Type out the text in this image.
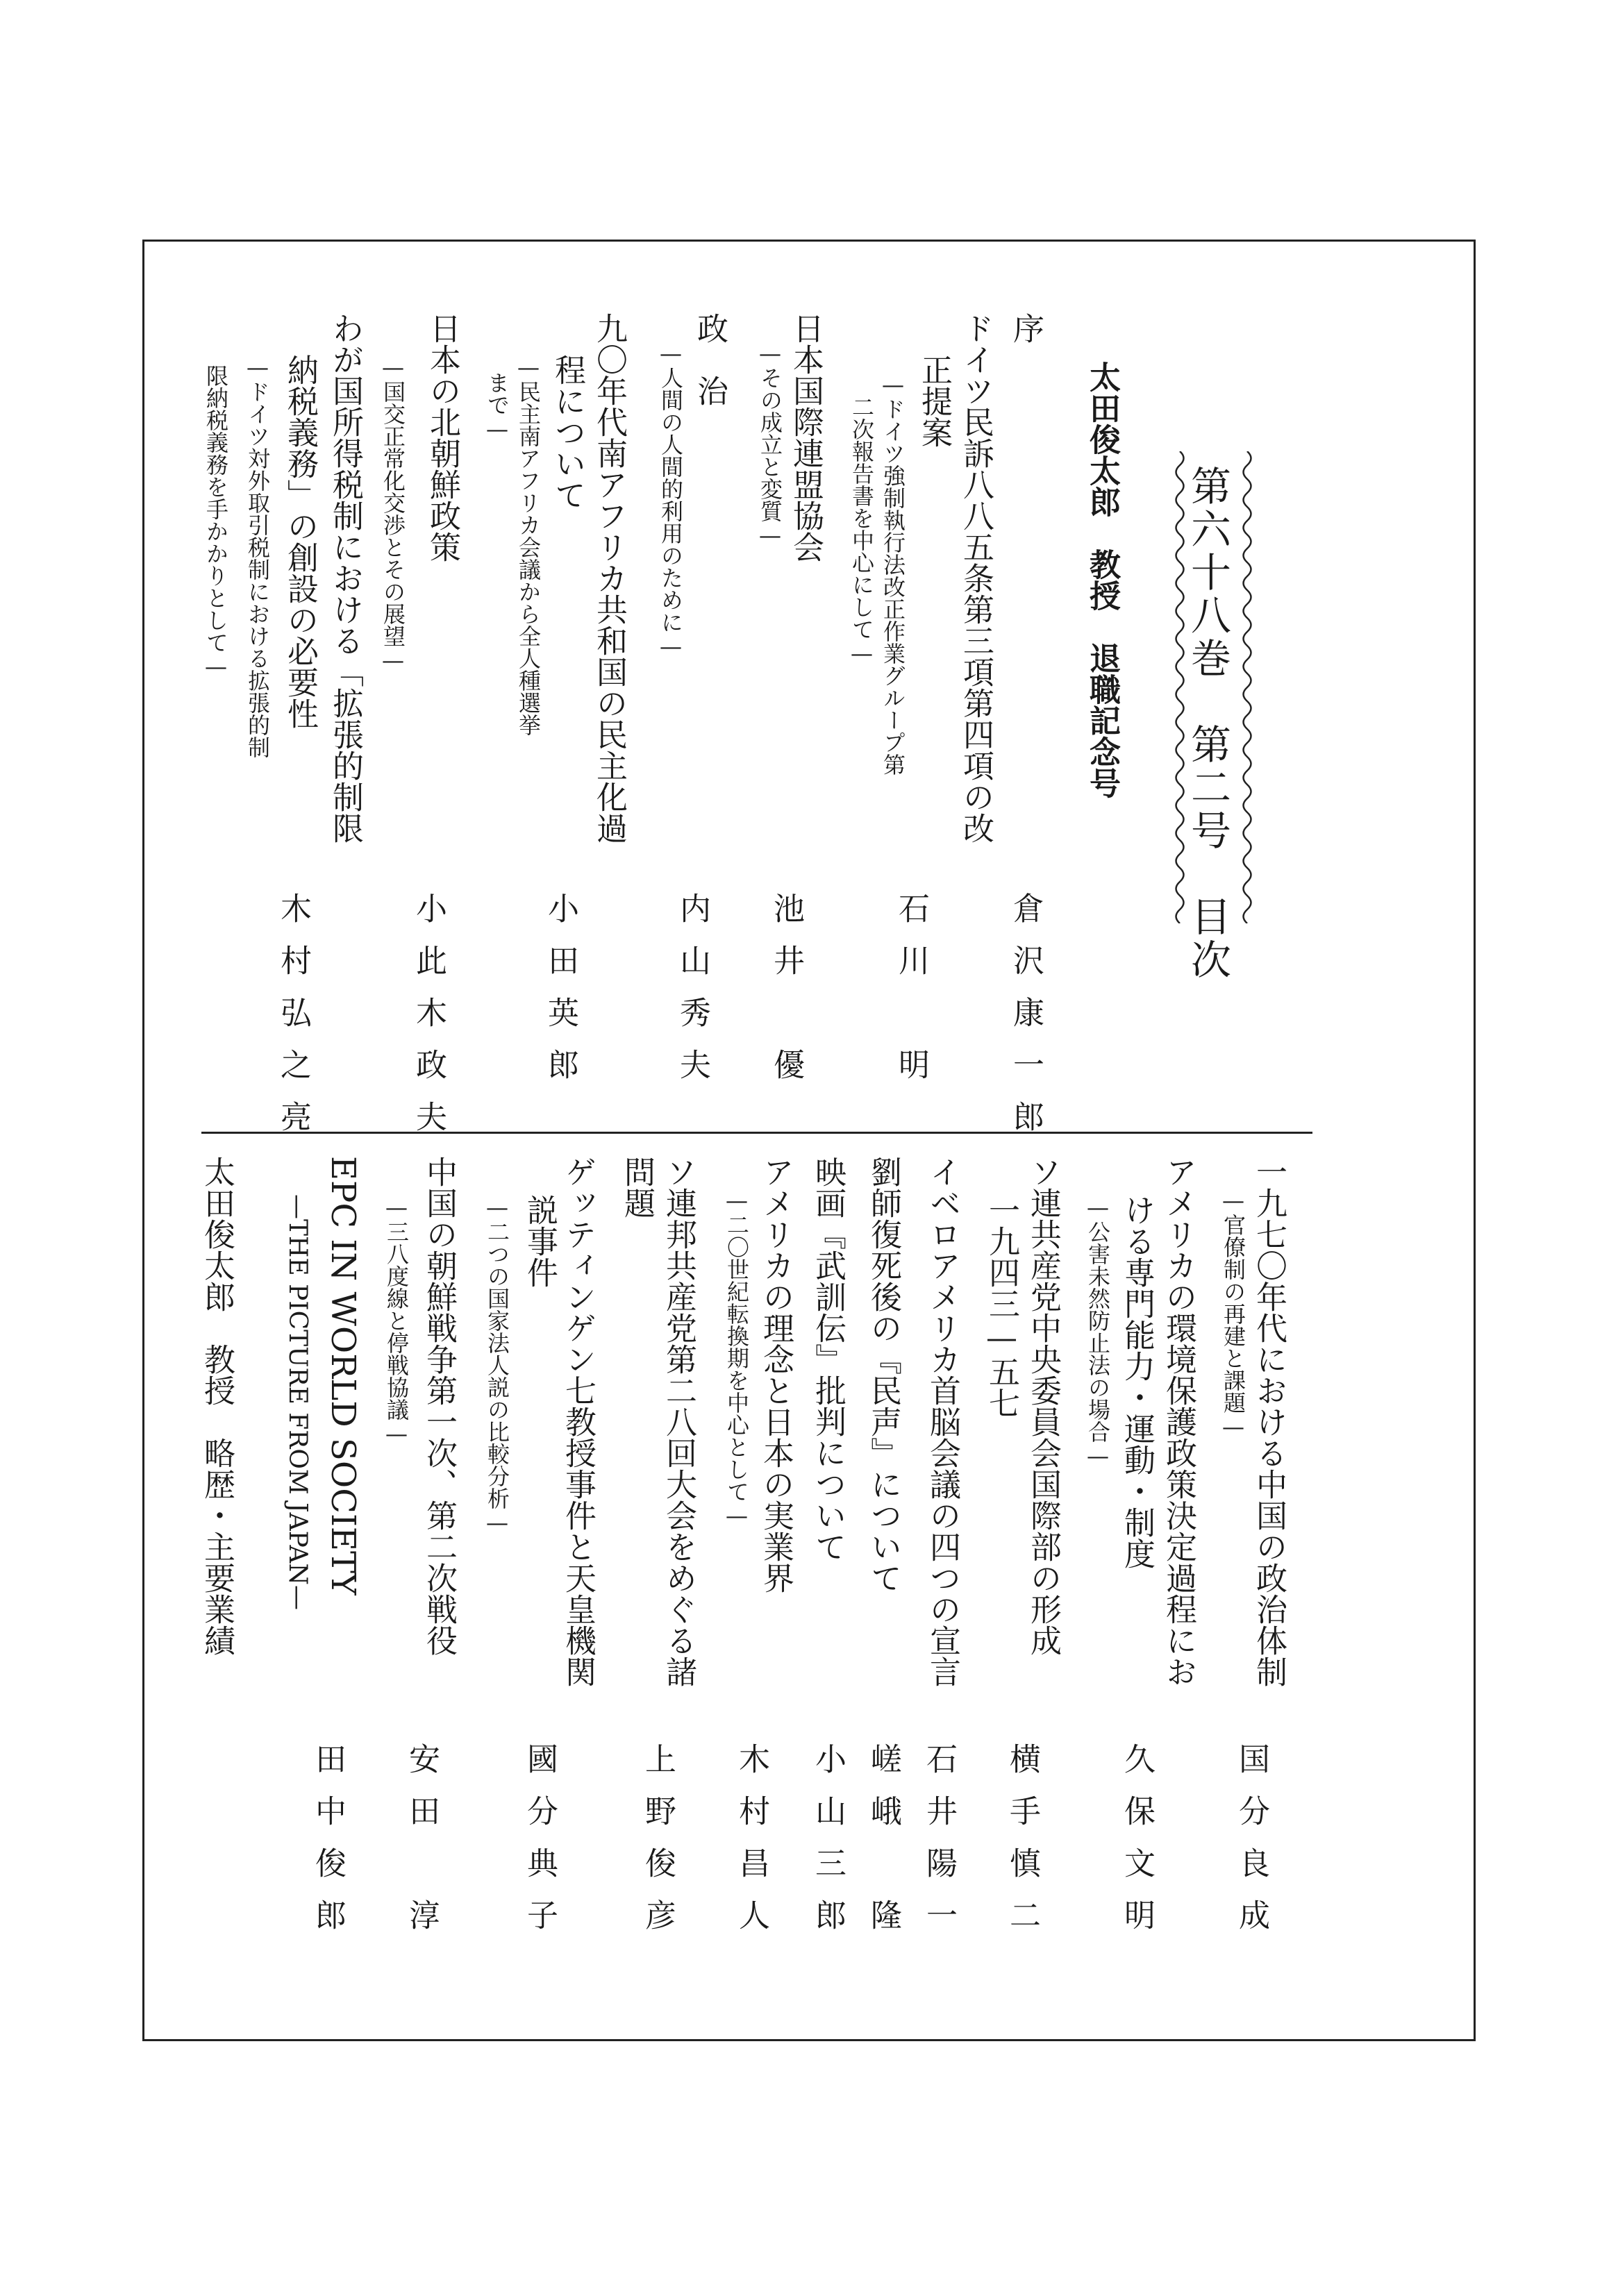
第六十八巻　第二号　目次
太田俊太郎　教授　退職記念号
序
倉沢康一郎
ドイツ民訴八八五条第三項第四項の改
正提案
—ドイツ強制執行法改正作業グループ第
二次報告書を中心にして—
石川　明
日本国際連盟協会
—その成立と変質—
池井　優
政　治
—人間の人間的利用のために—
内山秀夫
九〇年代南アフリカ共和国の民主化過
程について
—民主南アフリカ会議から全人種選挙
まで—
小田英郎
日本の北朝鮮政策
—国交正常化交渉とその展望—
小此木政夫
わが国所得税制における「拡張的制限
納税義務」の創設の必要性
—ドイツ対外取引税制における拡張的制
限納税義務を手かかりとして—
木村弘之亮
一九七〇年代における中国の政治体制
—官僚制の再建と課題—
国分良成
アメリカの環境保護政策決定過程にお
ける専門能力・運動・制度
—公害未然防止法の場合—
久保文明
ソ連共産党中央委員会国際部の形成
一九四三—五七
横手慎二
イベロアメリカ首脳会議の四つの宣言
石井陽一
劉師復死後の『民声』について
嵯峨　隆
映画『武訓伝』批判について
小山三郎
アメリカの理念と日本の実業界
—二〇世紀転換期を中心として—
木村昌人
ソ連邦共産党第二八回大会をめぐる諸
問題
上野俊彦
ゲッティンゲン七教授事件と天皇機関
説事件
—二つの国家法人説の比較分析—
國分典子
中国の朝鮮戦争第一次、第二次戦役
—三八度線と停戦協議—
安田　淳
EPC IN WORLD SOCIETY
—THE PICTURE FROM JAPAN—
田中俊郎
太田俊太郎　教授　略歴・主要業績
